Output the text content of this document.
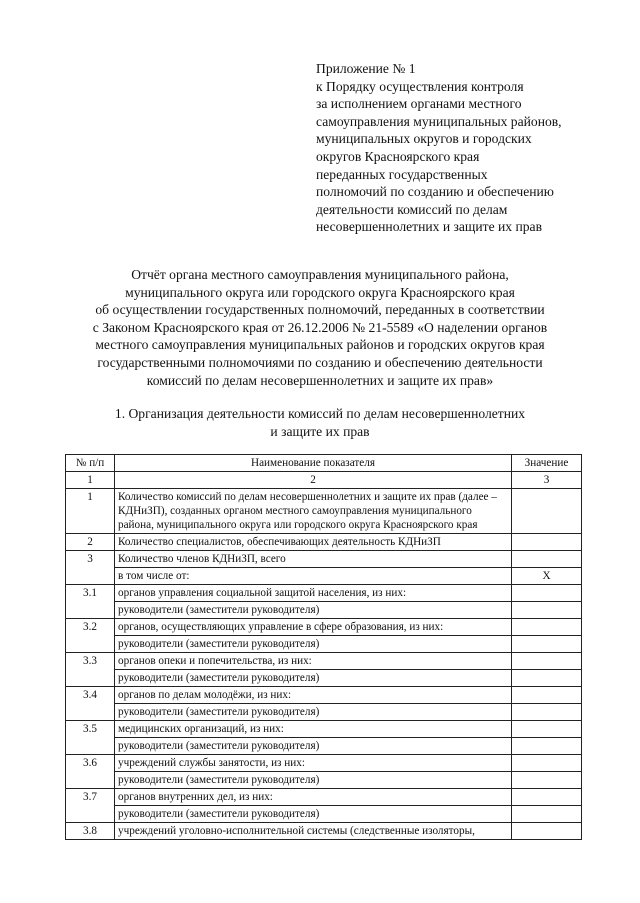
Приложение № 1
к Порядку осуществления контроля
за исполнением органами местного
самоуправления муниципальных районов,
муниципальных округов и городских
округов Красноярского края
переданных государственных
полномочий по созданию и обеспечению
деятельности комиссий по делам
несовершеннолетних и защите их прав
Отчёт органа местного самоуправления муниципального района,
муниципального округа или городского округа Красноярского края
об осуществлении государственных полномочий, переданных в соответствии
с Законом Красноярского края от 26.12.2006 № 21-5589 «О наделении органов
местного самоуправления муниципальных районов и городских округов края
государственными полномочиями по созданию и обеспечению деятельности
комиссий по делам несовершеннолетних и защите их прав»
1. Организация деятельности комиссий по делам несовершеннолетних
и защите их прав
№ п/п	Наименование показателя	Значение
1	2	3
1	Количество комиссий по делам несовершеннолетних и защите их прав (далее – КДНиЗП), созданных органом местного самоуправления муниципального района, муниципального округа или городского округа Красноярского края	
2	Количество специалистов, обеспечивающих деятельность КДНиЗП	
3	Количество членов КДНиЗП, всего	
	в том числе от:	Х
3.1	органов управления социальной защитой населения, из них:	
	руководители (заместители руководителя)	
3.2	органов, осуществляющих управление в сфере образования, из них:	
	руководители (заместители руководителя)	
3.3	органов опеки и попечительства, из них:	
	руководители (заместители руководителя)	
3.4	органов по делам молодёжи, из них:	
	руководители (заместители руководителя)	
3.5	медицинских организаций, из них:	
	руководители (заместители руководителя)	
3.6	учреждений службы занятости, из них:	
	руководители (заместители руководителя)	
3.7	органов внутренних дел, из них:	
	руководители (заместители руководителя)	
3.8	учреждений уголовно-исполнительной системы (следственные изоляторы,	
